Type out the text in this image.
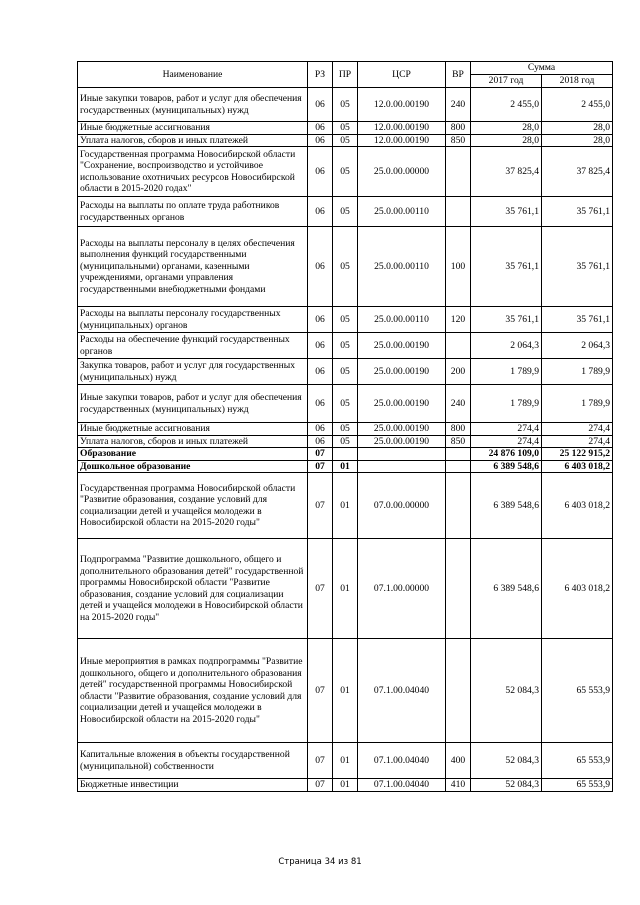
Наименование	РЗ	ПР	ЦСР	ВР	Сумма	
					2017 год	2018 год
Иные закупки товаров, работ и услуг для обеспечения государственных (муниципальных) нужд	06	05	12.0.00.00190	240	2 455,0	2 455,0
Иные бюджетные ассигнования	06	05	12.0.00.00190	800	28,0	28,0
Уплата налогов, сборов и иных платежей	06	05	12.0.00.00190	850	28,0	28,0
Государственная программа Новосибирской области "Сохранение, воспроизводство и устойчивое использование охотничьих ресурсов Новосибирской области в 2015-2020 годах"	06	05	25.0.00.00000		37 825,4	37 825,4
Расходы на выплаты по оплате труда работников государственных органов	06	05	25.0.00.00110		35 761,1	35 761,1
Расходы на выплаты персоналу в целях обеспечения выполнения функций государственными (муниципальными) органами, казенными учреждениями, органами управления государственными внебюджетными фондами	06	05	25.0.00.00110	100	35 761,1	35 761,1
Расходы на выплаты персоналу государственных (муниципальных) органов	06	05	25.0.00.00110	120	35 761,1	35 761,1
Расходы на обеспечение функций государственных органов	06	05	25.0.00.00190		2 064,3	2 064,3
Закупка товаров, работ и услуг для государственных (муниципальных) нужд	06	05	25.0.00.00190	200	1 789,9	1 789,9
Иные закупки товаров, работ и услуг для обеспечения государственных (муниципальных) нужд	06	05	25.0.00.00190	240	1 789,9	1 789,9
Иные бюджетные ассигнования	06	05	25.0.00.00190	800	274,4	274,4
Уплата налогов, сборов и иных платежей	06	05	25.0.00.00190	850	274,4	274,4
Образование	07				24 876 109,0	25 122 915,2
Дошкольное образование	07	01			6 389 548,6	6 403 018,2
Государственная программа Новосибирской области "Развитие образования, создание условий для социализации детей и учащейся молодежи в Новосибирской области на 2015-2020 годы"	07	01	07.0.00.00000		6 389 548,6	6 403 018,2
Подпрограмма "Развитие дошкольного, общего и дополнительного образования детей" государственной программы Новосибирской области "Развитие образования, создание условий для социализации детей и учащейся молодежи в Новосибирской области на 2015-2020 годы"	07	01	07.1.00.00000		6 389 548,6	6 403 018,2
Иные мероприятия в рамках подпрограммы "Развитие дошкольного, общего и дополнительного образования детей" государственной программы Новосибирской области "Развитие образования, создание условий для социализации детей и учащейся молодежи в Новосибирской области на 2015-2020 годы"	07	01	07.1.00.04040		52 084,3	65 553,9
Капитальные вложения в объекты государственной (муниципальной) собственности	07	01	07.1.00.04040	400	52 084,3	65 553,9
Бюджетные инвестиции	07	01	07.1.00.04040	410	52 084,3	65 553,9
Страница 34 из 81
